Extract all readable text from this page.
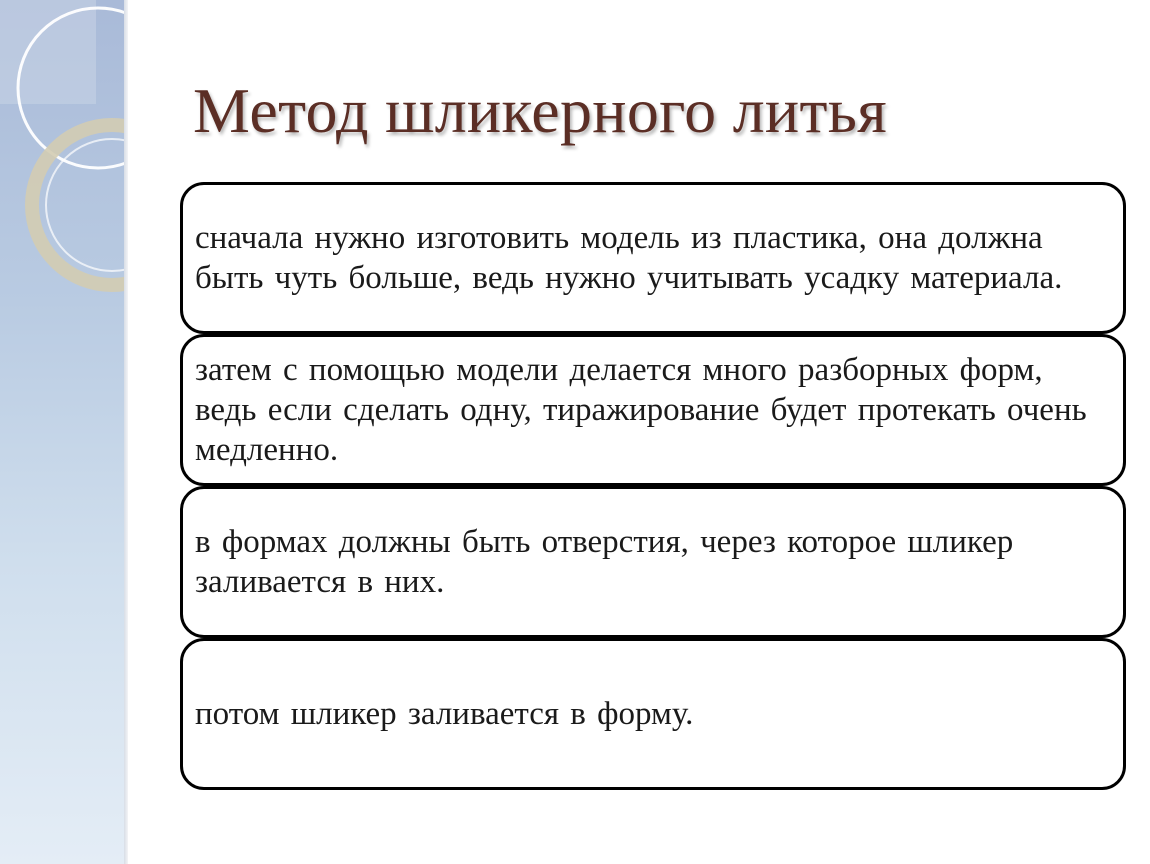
Метод шликерного литья
сначала нужно изготовить модель из пластика, она должна быть чуть больше, ведь нужно учитывать усадку материала.
затем с помощью модели делается много разборных форм, ведь если сделать одну, тиражирование будет протекать очень медленно.
в формах должны быть отверстия, через которое шликер заливается в них.
потом шликер заливается в форму.
